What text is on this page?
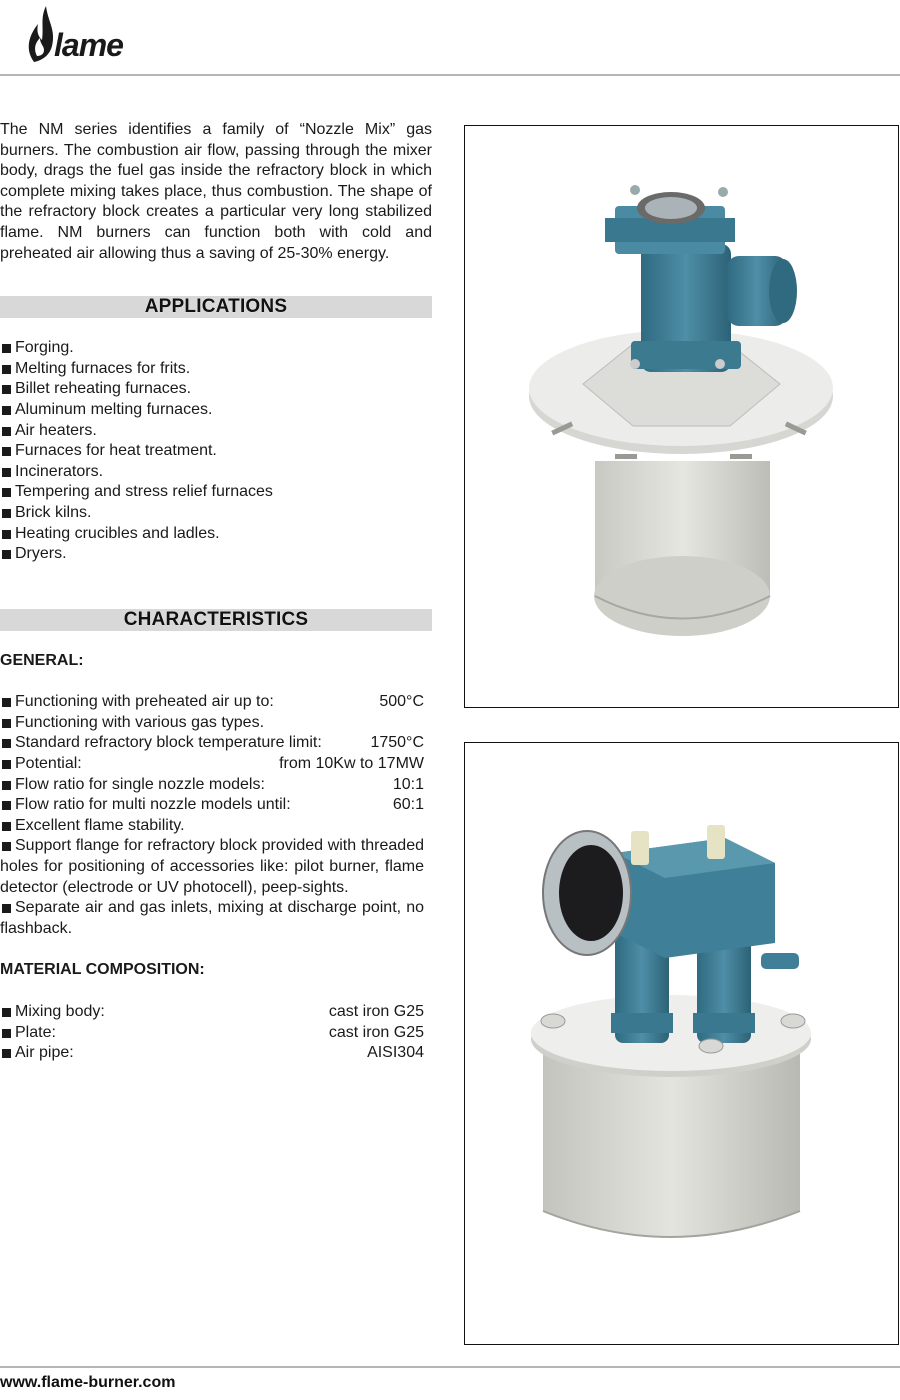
lame

The NM series identifies a family of “Nozzle Mix” gas burners. The combustion air flow, passing through the mixer body, drags the fuel gas inside the refractory block in which complete mixing takes place, thus combustion. The shape of the refractory block creates a particular very long stabilized flame. NM burners can function both with cold and preheated air allowing thus a saving of 25-30% energy.

APPLICATIONS
Forging.
Melting furnaces for frits.
Billet reheating furnaces.
Aluminum melting furnaces.
Air heaters.
Furnaces for heat treatment.
Incinerators.
Tempering and stress relief furnaces
Brick kilns.
Heating crucibles and ladles.
Dryers.
CHARACTERISTICS
GENERAL:
Functioning with preheated air up to:	500°C
Functioning with various gas types.
Standard refractory block temperature limit:	1750°C
Potential:	from 10Kw to 17MW
Flow ratio for single nozzle models:	10:1
Flow ratio for multi nozzle models until:	60:1
Excellent flame stability.
Support flange for refractory block provided with threaded holes for positioning of accessories like: pilot burner, flame detector (electrode or UV photocell), peep-sights.
Separate air and gas inlets, mixing at discharge point, no flashback.
MATERIAL COMPOSITION:
Mixing body:	cast iron G25
Plate:	cast iron G25
Air pipe:	AISI304
www.flame-burner.com
